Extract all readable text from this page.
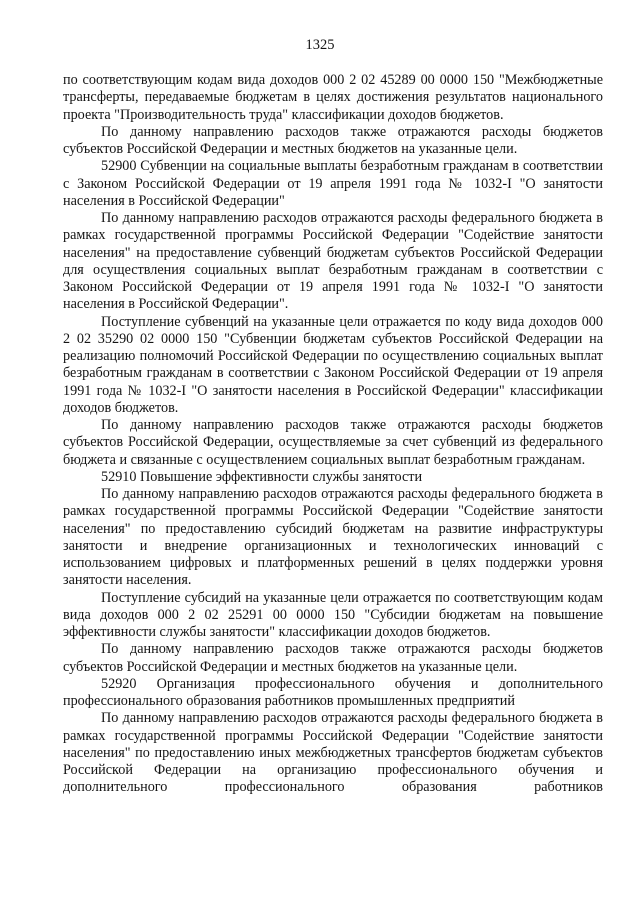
1325

по соответствующим кодам вида доходов 000 2 02 45289 00 0000 150 "Межбюджетные трансферты, передаваемые бюджетам в целях достижения результатов национального проекта "Производительность труда" классификации доходов бюджетов.

По данному направлению расходов также отражаются расходы бюджетов субъектов Российской Федерации и местных бюджетов на указанные цели.

52900 Субвенции на социальные выплаты безработным гражданам в соответствии с Законом Российской Федерации от 19 апреля 1991 года № 1032-I "О занятости населения в Российской Федерации"

По данному направлению расходов отражаются расходы федерального бюджета в рамках государственной программы Российской Федерации "Содействие занятости населения" на предоставление субвенций бюджетам субъектов Российской Федерации для осуществления социальных выплат безработным гражданам в соответствии с Законом Российской Федерации от 19 апреля 1991 года № 1032-I "О занятости населения в Российской Федерации".

Поступление субвенций на указанные цели отражается по коду вида доходов 000 2 02 35290 02 0000 150 "Субвенции бюджетам субъектов Российской Федерации на реализацию полномочий Российской Федерации по осуществлению социальных выплат безработным гражданам в соответствии с Законом Российской Федерации от 19 апреля 1991 года № 1032-I "О занятости населения в Российской Федерации" классификации доходов бюджетов.

По данному направлению расходов также отражаются расходы бюджетов субъектов Российской Федерации, осуществляемые за счет субвенций из федерального бюджета и связанные с осуществлением социальных выплат безработным гражданам.

52910 Повышение эффективности службы занятости

По данному направлению расходов отражаются расходы федерального бюджета в рамках государственной программы Российской Федерации "Содействие занятости населения" по предоставлению субсидий бюджетам на развитие инфраструктуры занятости и внедрение организационных и технологических инноваций с использованием цифровых и платформенных решений в целях поддержки уровня занятости населения.

Поступление субсидий на указанные цели отражается по соответствующим кодам вида доходов 000 2 02 25291 00 0000 150 "Субсидии бюджетам на повышение эффективности службы занятости" классификации доходов бюджетов.

По данному направлению расходов также отражаются расходы бюджетов субъектов Российской Федерации и местных бюджетов на указанные цели.

52920 Организация профессионального обучения и дополнительного профессионального образования работников промышленных предприятий

По данному направлению расходов отражаются расходы федерального бюджета в рамках государственной программы Российской Федерации "Содействие занятости населения" по предоставлению иных межбюджетных трансфертов бюджетам субъектов Российской Федерации на организацию профессионального обучения и дополнительного профессионального образования работников
